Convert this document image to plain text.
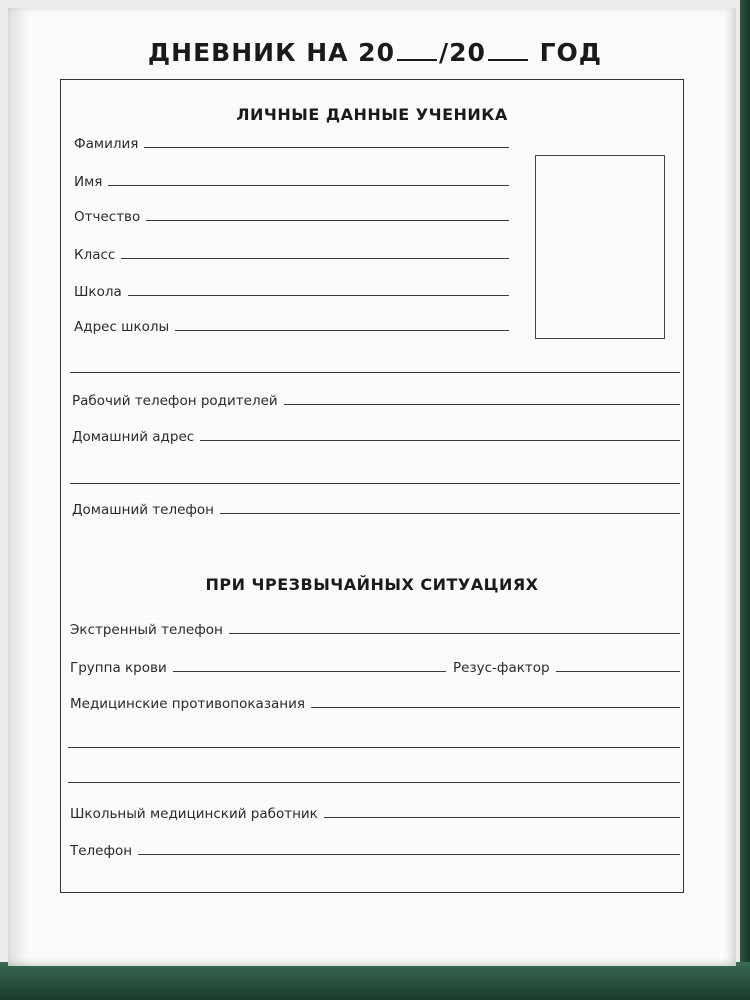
ДНЕВНИК НА 20 /20 ГОД
ЛИЧНЫЕ ДАННЫЕ УЧЕНИКА
Фамилия
Имя
Отчество
Класс
Школа
Адрес школы
Рабочий телефон родителей
Домашний адрес
Домашний телефон
ПРИ ЧРЕЗВЫЧАЙНЫХ СИТУАЦИЯХ
Экстренный телефон
Группа крови	Резус-фактор
Медицинские противопоказания
Школьный медицинский работник
Телефон
